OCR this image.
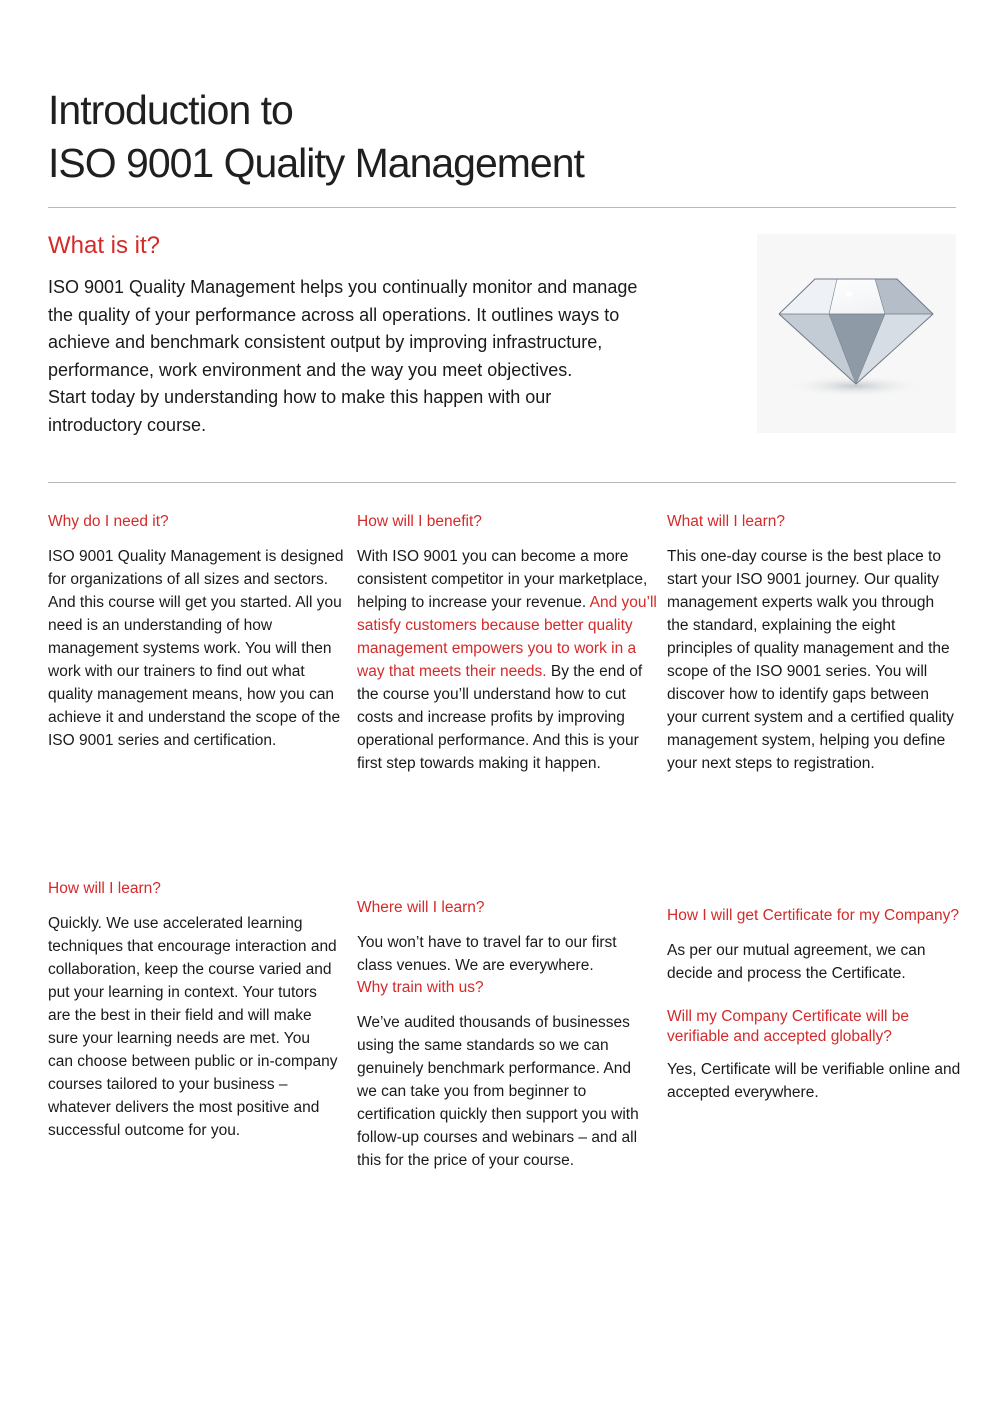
Introduction to
ISO 9001 Quality Management
What is it?
ISO 9001 Quality Management helps you continually monitor and manage the quality of your performance across all operations. It outlines ways to achieve and benchmark consistent output by improving infrastructure, performance, work environment and the way you meet objectives.
Start today by understanding how to make this happen with our introductory course.
Why do I need it?

ISO 9001 Quality Management is designed for organizations of all sizes and sectors. And this course will get you started. All you need is an understanding of how management systems work. You will then work with our trainers to find out what quality management means, how you can achieve it and understand the scope of the ISO 9001 series and certification.

How will I benefit?

With ISO 9001 you can become a more consistent competitor in your marketplace, helping to increase your revenue. And you’ll satisfy customers because better quality management empowers you to work in a way that meets their needs. By the end of the course you’ll understand how to cut costs and increase profits by improving operational performance. And this is your first step towards making it happen.

What will I learn?

This one-day course is the best place to start your ISO 9001 journey. Our quality management experts walk you through the standard, explaining the eight principles of quality management and the scope of the ISO 9001 series. You will discover how to identify gaps between your current system and a certified quality management system, helping you define your next steps to registration.

How will I learn?

Quickly. We use accelerated learning techniques that encourage interaction and collaboration, keep the course varied and put your learning in context. Your tutors are the best in their field and will make sure your learning needs are met. You can choose between public or in-company courses tailored to your business – whatever delivers the most positive and successful outcome for you.

Where will I learn?

You won’t have to travel far to our first class venues. We are everywhere.

Why train with us?

We’ve audited thousands of businesses using the same standards so we can genuinely benchmark performance. And we can take you from beginner to certification quickly then support you with follow-up courses and webinars – and all this for the price of your course.

How I will get Certificate for my Company?

As per our mutual agreement, we can decide and process the Certificate.

Will my Company Certificate will be verifiable and accepted globally?

Yes, Certificate will be verifiable online and accepted everywhere.
